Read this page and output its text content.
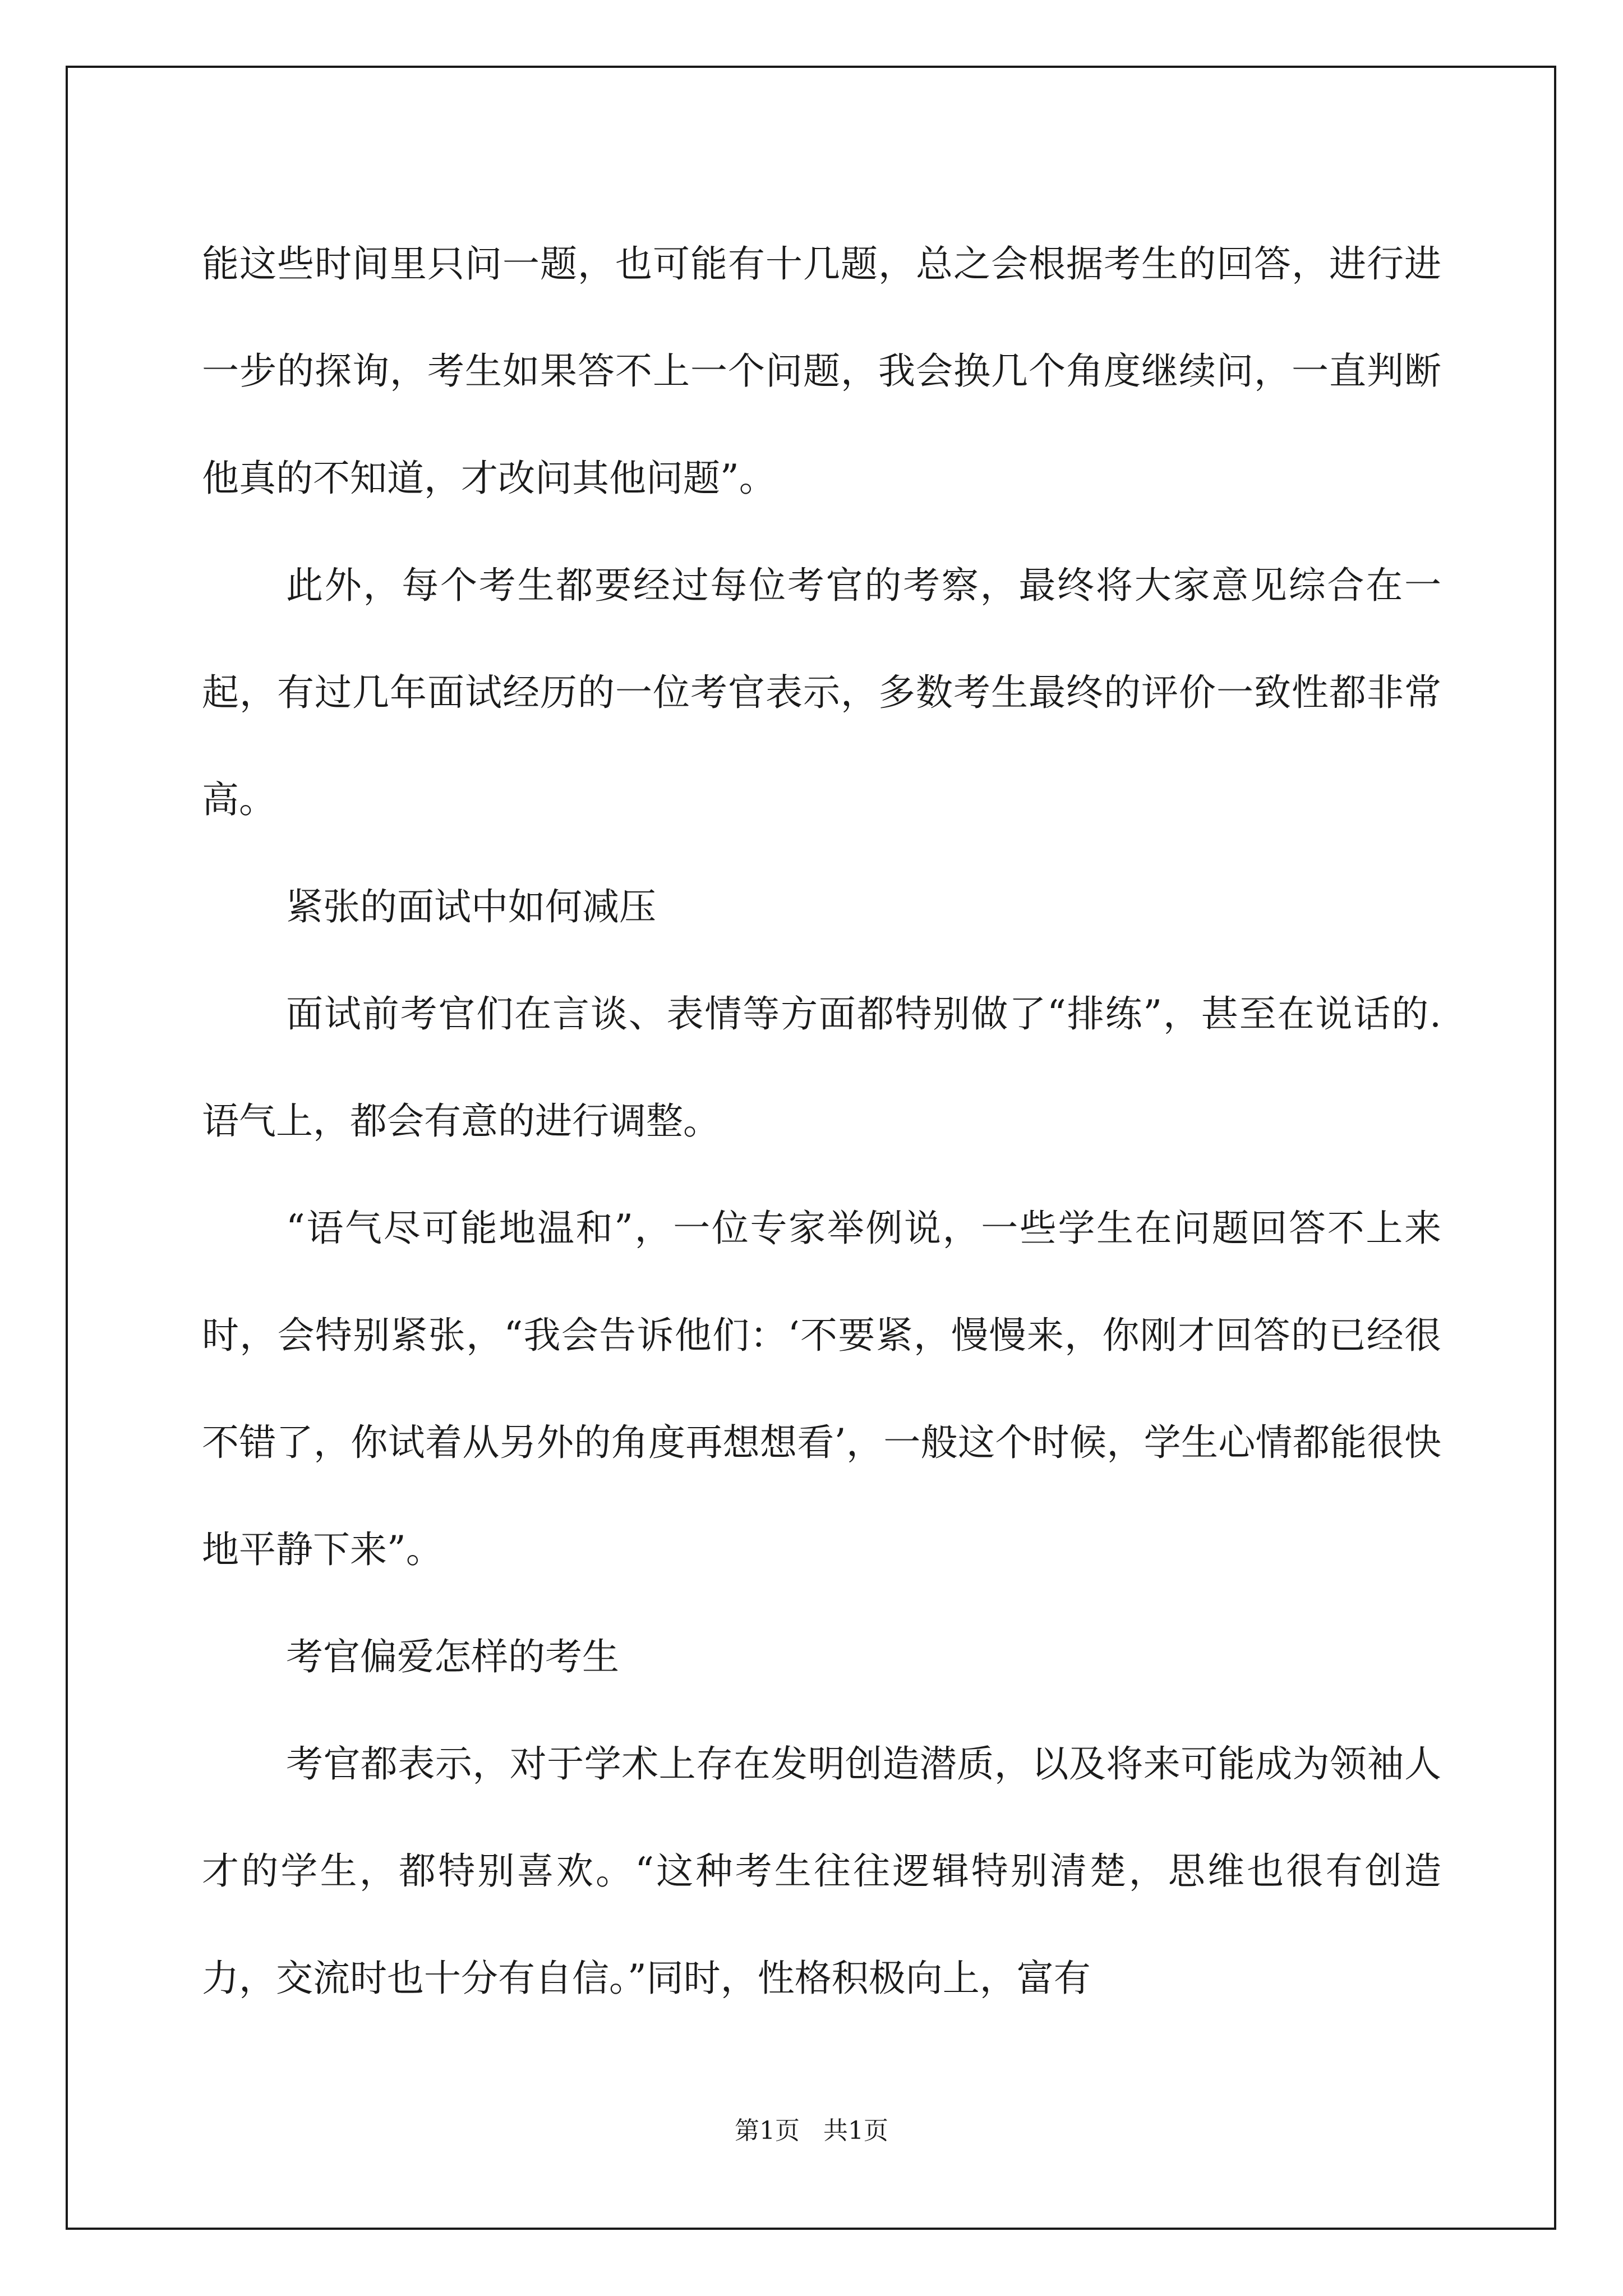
能这些时间里只问一题，也可能有十几题，总之会根据考生的回答，进行进一步的探询，考生如果答不上一个问题，我会换几个角度继续问，一直判断他真的不知道，才改问其他问题”。

此外，每个考生都要经过每位考官的考察，最终将大家意见综合在一起，有过几年面试经历的一位考官表示，多数考生最终的评价一致性都非常高。

紧张的面试中如何减压

面试前考官们在言谈、表情等方面都特别做了“排练”，甚至在说话的.语气上，都会有意的进行调整。

“语气尽可能地温和”，一位专家举例说，一些学生在问题回答不上来时，会特别紧张，“我会告诉他们：‘不要紧，慢慢来，你刚才回答的已经很不错了，你试着从另外的角度再想想看’，一般这个时候，学生心情都能很快地平静下来”。

考官偏爱怎样的考生

考官都表示，对于学术上存在发明创造潜质，以及将来可能成为领袖人才的学生，都特别喜欢。“这种考生往往逻辑特别清楚，思维也很有创造力，交流时也十分有自信。”同时，性格积极向上，富有

第1页   共1页
